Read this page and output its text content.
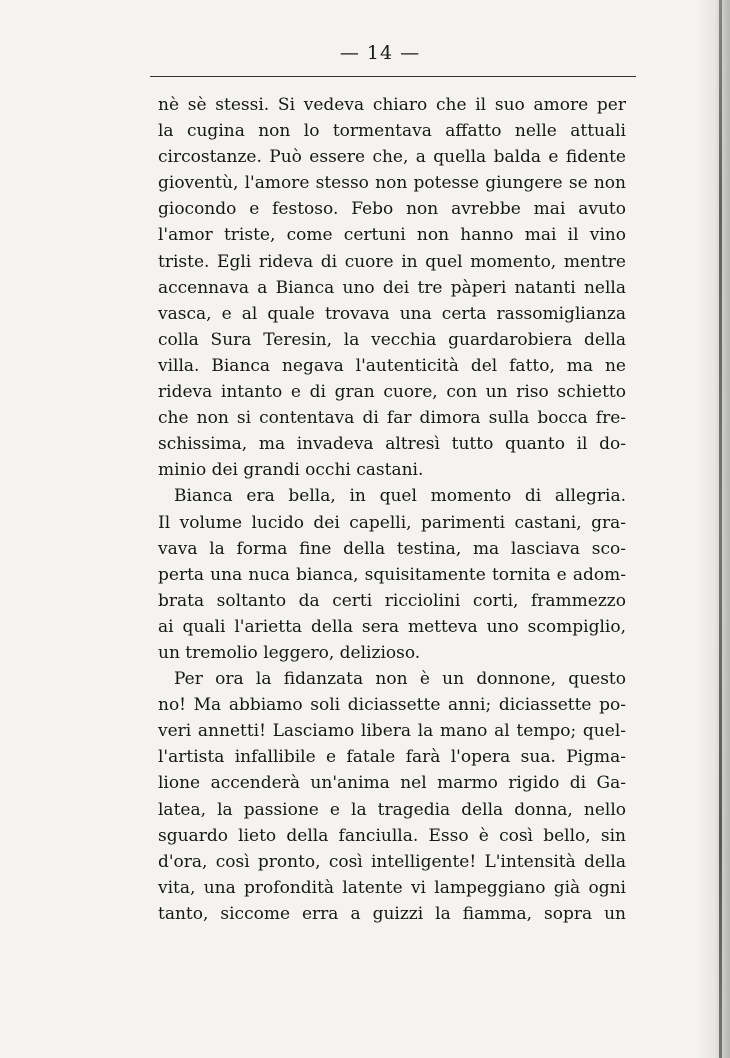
— 14 —
nè sè stessi. Si vedeva chiaro che il suo amore per
la cugina non lo tormentava affatto nelle attuali
circostanze. Può essere che, a quella balda e fidente
gioventù, l'amore stesso non potesse giungere se non
giocondo e festoso. Febo non avrebbe mai avuto
l'amor triste, come certuni non hanno mai il vino
triste. Egli rideva di cuore in quel momento, mentre
accennava a Bianca uno dei tre pàperi natanti nella
vasca, e al quale trovava una certa rassomiglianza
colla Sura Teresin, la vecchia guardarobiera della
villa. Bianca negava l'autenticità del fatto, ma ne
rideva intanto e di gran cuore, con un riso schietto
che non si contentava di far dimora sulla bocca fre-
schissima, ma invadeva altresì tutto quanto il do-
minio dei grandi occhi castani.
Bianca era bella, in quel momento di allegria.
Il volume lucido dei capelli, parimenti castani, gra-
vava la forma fine della testina, ma lasciava sco-
perta una nuca bianca, squisitamente tornita e adom-
brata soltanto da certi ricciolini corti, frammezzo
ai quali l'arietta della sera metteva uno scompiglio,
un tremolio leggero, delizioso.
Per ora la fidanzata non è un donnone, questo
no! Ma abbiamo soli diciassette anni; diciassette po-
veri annetti! Lasciamo libera la mano al tempo; quel-
l'artista infallibile e fatale farà l'opera sua. Pigma-
lione accenderà un'anima nel marmo rigido di Ga-
latea, la passione e la tragedia della donna, nello
sguardo lieto della fanciulla. Esso è così bello, sin
d'ora, così pronto, così intelligente! L'intensità della
vita, una profondità latente vi lampeggiano già ogni
tanto, siccome erra a guizzi la fiamma, sopra un
